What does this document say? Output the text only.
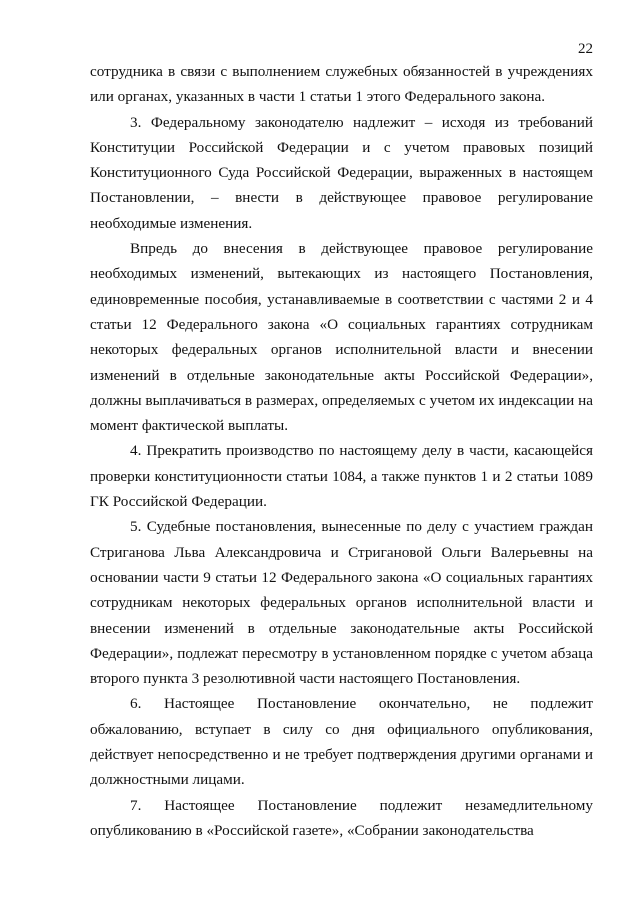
22

сотрудника в связи с выполнением служебных обязанностей в учреждениях или органах, указанных в части 1 статьи 1 этого Федерального закона.

3. Федеральному законодателю надлежит – исходя из требований Конституции Российской Федерации и с учетом правовых позиций Конституционного Суда Российской Федерации, выраженных в настоящем Постановлении, – внести в действующее правовое регулирование необходимые изменения.

Впредь до внесения в действующее правовое регулирование необходимых изменений, вытекающих из настоящего Постановления, единовременные пособия, устанавливаемые в соответствии с частями 2 и 4 статьи 12 Федерального закона «О социальных гарантиях сотрудникам некоторых федеральных органов исполнительной власти и внесении изменений в отдельные законодательные акты Российской Федерации», должны выплачиваться в размерах, определяемых с учетом их индексации на момент фактической выплаты.

4. Прекратить производство по настоящему делу в части, касающейся проверки конституционности статьи 1084, а также пунктов 1 и 2 статьи 1089 ГК Российской Федерации.

5. Судебные постановления, вынесенные по делу с участием граждан Стриганова Льва Александровича и Стригановой Ольги Валерьевны на основании части 9 статьи 12 Федерального закона «О социальных гарантиях сотрудникам некоторых федеральных органов исполнительной власти и внесении изменений в отдельные законодательные акты Российской Федерации», подлежат пересмотру в установленном порядке с учетом абзаца второго пункта 3 резолютивной части настоящего Постановления.

6. Настоящее Постановление окончательно, не подлежит обжалованию, вступает в силу со дня официального опубликования, действует непосредственно и не требует подтверждения другими органами и должностными лицами.

7. Настоящее Постановление подлежит незамедлительному опубликованию в «Российской газете», «Собрании законодательства
